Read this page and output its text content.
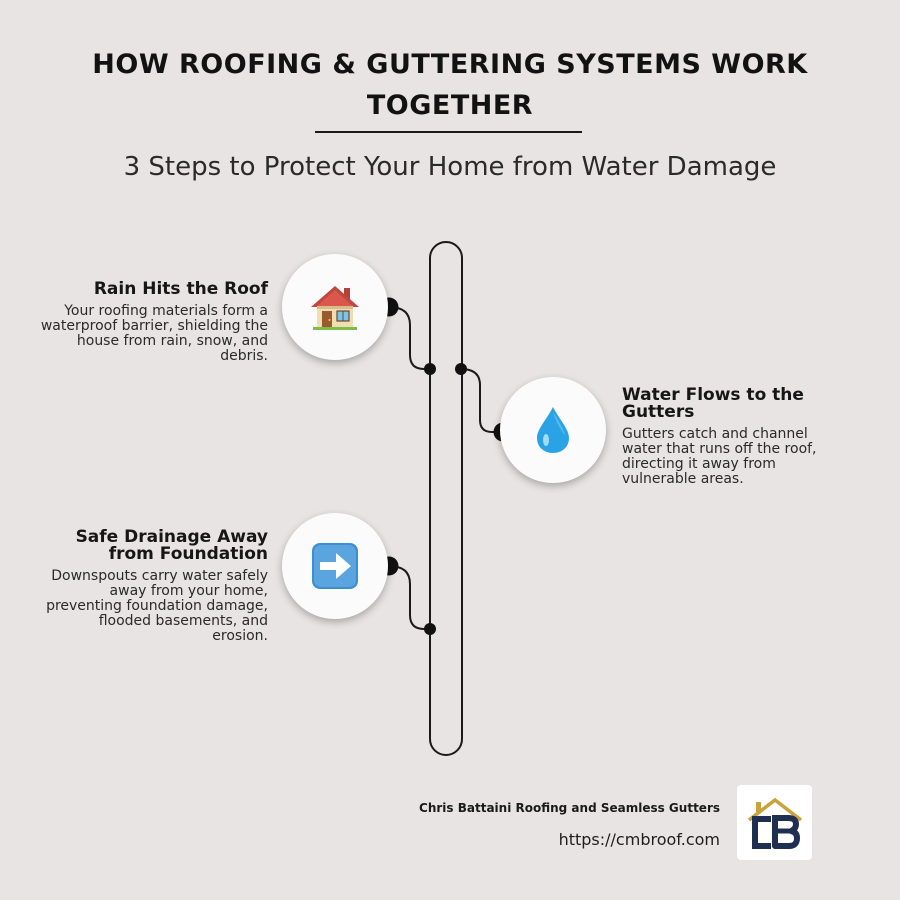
HOW ROOFING & GUTTERING SYSTEMS WORK TOGETHER
3 Steps to Protect Your Home from Water Damage
Rain Hits the Roof

Your roofing materials form a waterproof barrier, shielding the house from rain, snow, and debris.

Water Flows to the Gutters

Gutters catch and channel water that runs off the roof, directing it away from vulnerable areas.

Safe Drainage Away from Foundation

Downspouts carry water safely away from your home, preventing foundation damage, flooded basements, and erosion.

Chris Battaini Roofing and Seamless Gutters
https://cmbroof.com
